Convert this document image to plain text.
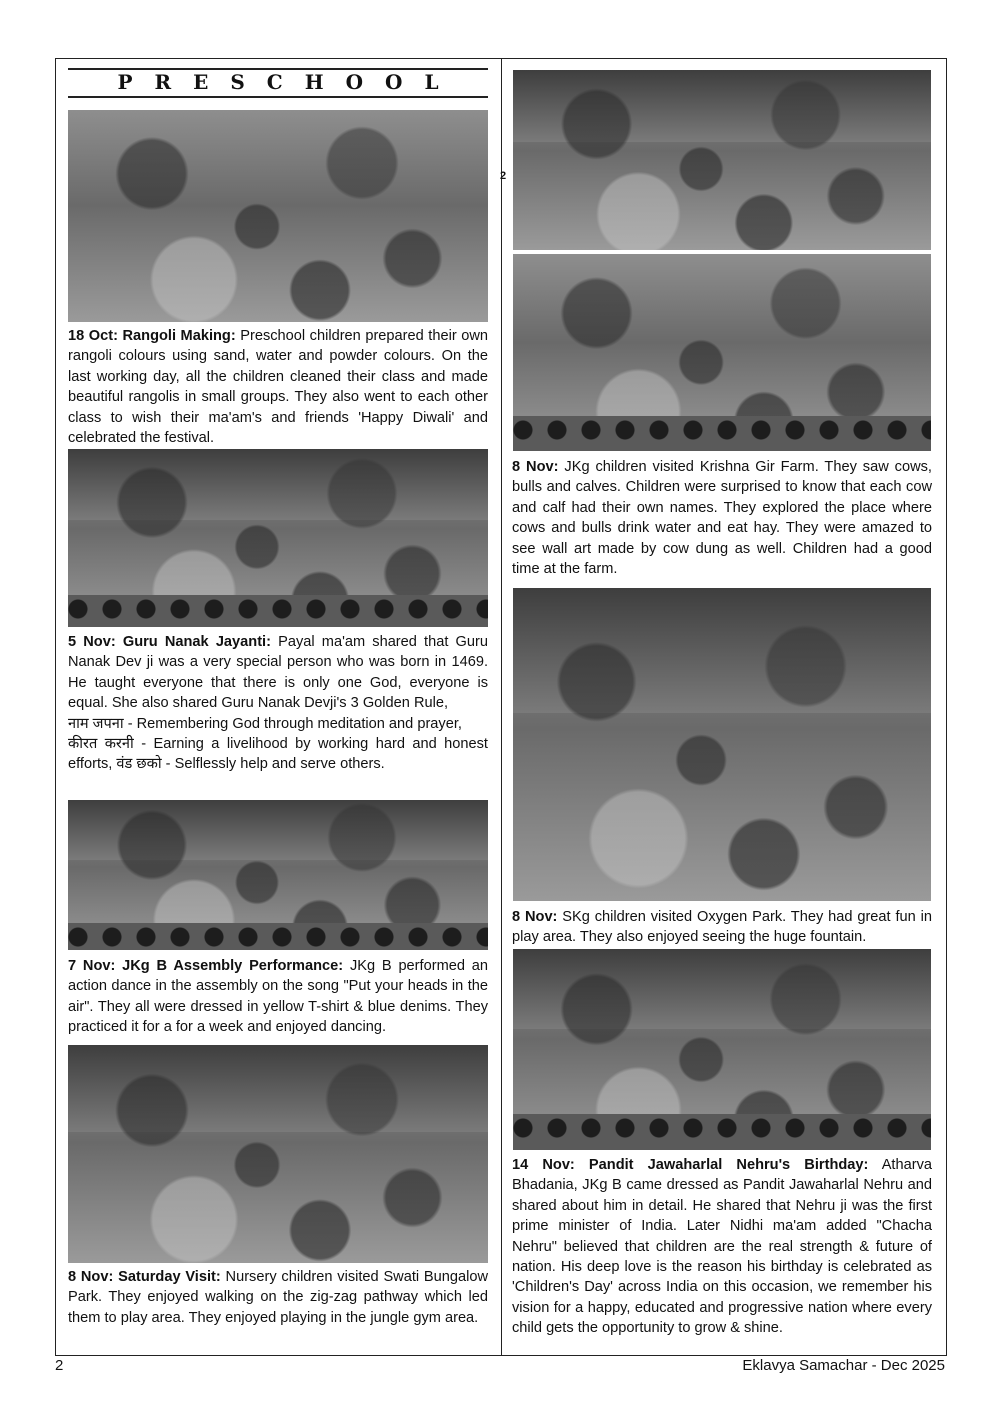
PRESCHOOL
2

18 Oct: Rangoli Making: Preschool children prepared their own rangoli colours using sand, water and powder colours. On the last working day, all the children cleaned their class and made beautiful rangolis in small groups. They also went to each other class to wish their ma'am's and friends 'Happy Diwali' and celebrated the festival.

5 Nov: Guru Nanak Jayanti: Payal ma'am shared that Guru Nanak Dev ji was a very special person who was born in 1469. He taught everyone that there is only one God, everyone is equal. She also shared Guru Nanak Devji's 3 Golden Rule,
नाम जपना - Remembering God through meditation and prayer,
कीरत करनी - Earning a livelihood by working hard and honest efforts, वंड छको - Selflessly help and serve others.

7 Nov: JKg B Assembly Performance: JKg B performed an action dance in the assembly on the song "Put your heads in the air". They all were dressed in yellow T-shirt & blue denims. They practiced it for a for a week and enjoyed dancing.

8 Nov: Saturday Visit: Nursery children visited Swati Bungalow Park. They enjoyed walking on the zig-zag pathway which led them to play area. They enjoyed playing in the jungle gym area.

8 Nov: JKg children visited Krishna Gir Farm. They saw cows, bulls and calves. Children were surprised to know that each cow and calf had their own names. They explored the place where cows and bulls drink water and eat hay. They were amazed to see wall art made by cow dung as well. Children had a good time at the farm.

8 Nov: SKg children visited Oxygen Park. They had great fun in play area. They also enjoyed seeing the huge fountain.

14 Nov: Pandit Jawaharlal Nehru's Birthday: Atharva Bhadania, JKg B came dressed as Pandit Jawaharlal Nehru and shared about him in detail. He shared that Nehru ji was the first prime minister of India. Later Nidhi ma'am added "Chacha Nehru" believed that children are the real strength & future of nation. His deep love is the reason his birthday is celebrated as 'Children's Day' across India on this occasion, we remember his vision for a happy, educated and progressive nation where every child gets the opportunity to grow & shine.

2	Eklavya Samachar - Dec 2025
